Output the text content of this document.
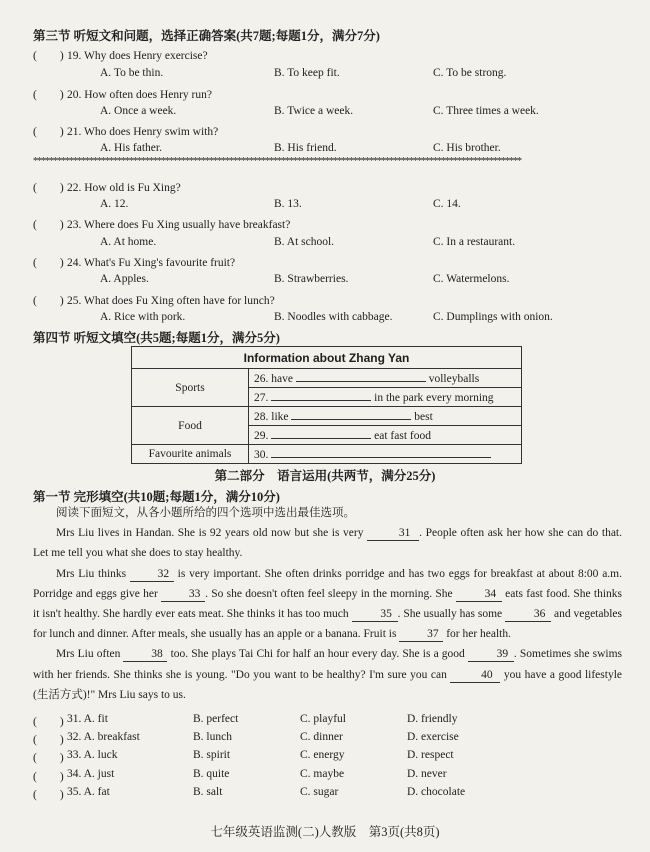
第三节 听短文和问题，选择正确答案(共7题;每题1分，满分7分)
(　　) 19. Why does Henry exercise?
A. To be thin.	B. To keep fit.	C. To be strong.
(　　) 20. How often does Henry run?
A. Once a week.	B. Twice a week.	C. Three times a week.
(　　) 21. Who does Henry swim with?
A. His father.	B. His friend.	C. His brother.
**************************************************************************************************************************
(　　) 22. How old is Fu Xing?
A. 12.	B. 13.	C. 14.
(　　) 23. Where does Fu Xing usually have breakfast?
A. At home.	B. At school.	C. In a restaurant.
(　　) 24. What's Fu Xing's favourite fruit?
A. Apples.	B. Strawberries.	C. Watermelons.
(　　) 25. What does Fu Xing often have for lunch?
A. Rice with pork.	B. Noodles with cabbage.	C. Dumplings with onion.
第四节 听短文填空(共5题;每题1分，满分5分)
Information about Zhang Yan	
Sports	26. have volleyballs
	27. in the park every morning
Food	28. like best
	29. eat fast food
Favourite animals	30.
第二部分　语言运用(共两节，满分25分)
第一节 完形填空(共10题;每题1分，满分10分)

阅读下面短文，从各小题所给的四个选项中选出最佳选项。

Mrs Liu lives in Handan. She is 92 years old now but she is very	31 . People often ask her how she can do that. Let me tell you what she does to stay healthy.

Mrs Liu thinks 32 is very important. She often drinks porridge and has two eggs for breakfast at about 8:00 a.m. Porridge and eggs give her 33 . So she doesn't often feel sleepy in the morning. She	34 eats fast food. She thinks it isn't healthy. She hardly ever eats meat. She thinks it has too much	35 . She usually has some	36 and vegetables for lunch and dinner. After meals, she usually has an apple or a banana. Fruit is 37 for her health.

Mrs Liu often 38 too. She plays Tai Chi for half an hour every day. She is a good	39 . Sometimes she swims with her friends. She thinks she is young. "Do you want to be healthy? I'm sure you can	40 you have a good lifestyle (生活方式)!" Mrs Liu says to us.

(　　) 31. A. fit	B. perfect	C. playful	D. friendly
(　　) 32. A. breakfast	B. lunch	C. dinner	D. exercise
(　　) 33. A. luck	B. spirit	C. energy	D. respect
(　　) 34. A. just	B. quite	C. maybe	D. never
(　　) 35. A. fat	B. salt	C. sugar	D. chocolate
七年级英语监测(二)人教版　第3页(共8页)
